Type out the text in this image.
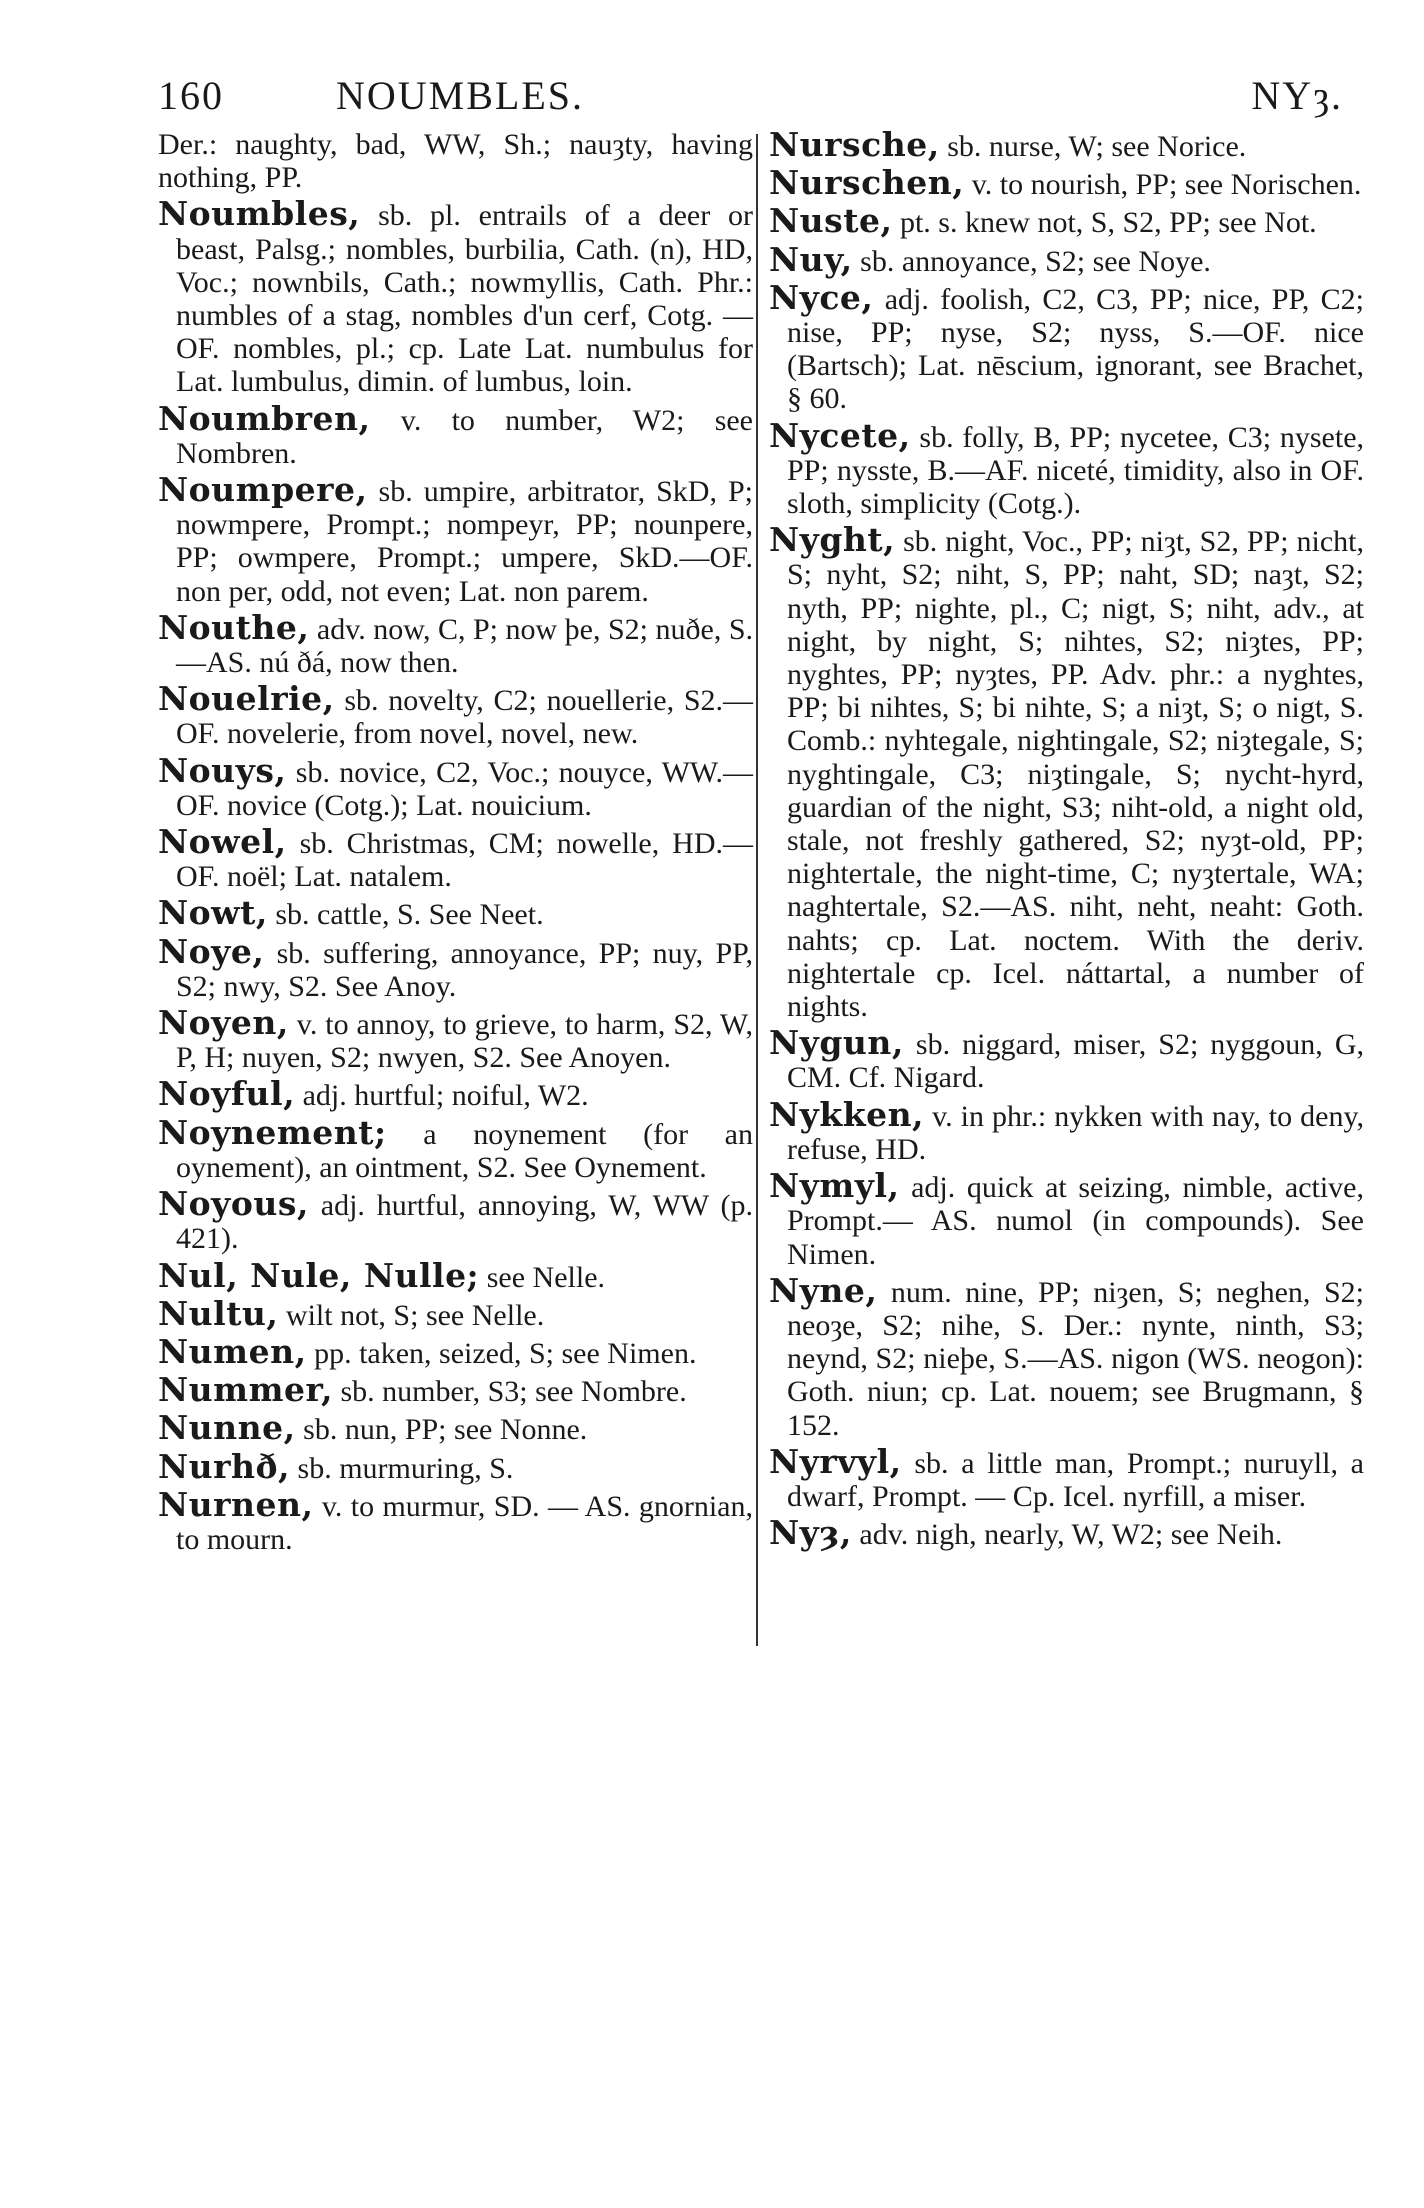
160	NOUMBLES.	NYȝ.

Der.: naughty, bad, WW, Sh.; nauȝty, having nothing, PP.

Noumbles, sb. pl. entrails of a deer or beast, Palsg.; nombles, burbilia, Cath. (n), HD, Voc.; nownbils, Cath.; nowmyllis, Cath. Phr.: numbles of a stag, nombles d'un cerf, Cotg. — OF. nombles, pl.; cp. Late Lat. numbulus for Lat. lumbulus, dimin. of lumbus, loin.

Noumbren, v. to number, W2; see Nombren.

Noumpere, sb. umpire, arbitrator, SkD, P; nowmpere, Prompt.; nompeyr, PP; nounpere, PP; owmpere, Prompt.; umpere, SkD.—OF. non per, odd, not even; Lat. non parem.

Nouthe, adv. now, C, P; now þe, S2; nuðe, S.—AS. nú ðá, now then.

Nouelrie, sb. novelty, C2; nouellerie, S2.—OF. novelerie, from novel, novel, new.

Nouys, sb. novice, C2, Voc.; nouyce, WW.—OF. novice (Cotg.); Lat. nouicium.

Nowel, sb. Christmas, CM; nowelle, HD.—OF. noël; Lat. natalem.

Nowt, sb. cattle, S. See Neet.

Noye, sb. suffering, annoyance, PP; nuy, PP, S2; nwy, S2. See Anoy.

Noyen, v. to annoy, to grieve, to harm, S2, W, P, H; nuyen, S2; nwyen, S2. See Anoyen.

Noyful, adj. hurtful; noiful, W2.

Noynement; a noynement (for an oynement), an ointment, S2. See Oynement.

Noyous, adj. hurtful, annoying, W, WW (p. 421).

Nul, Nule, Nulle; see Nelle.

Nultu, wilt not, S; see Nelle.

Numen, pp. taken, seized, S; see Nimen.

Nummer, sb. number, S3; see Nombre.

Nunne, sb. nun, PP; see Nonne.

Nurhð, sb. murmuring, S.

Nurnen, v. to murmur, SD. — AS. gnornian, to mourn.

Nursche, sb. nurse, W; see Norice.

Nurschen, v. to nourish, PP; see Norischen.

Nuste, pt. s. knew not, S, S2, PP; see Not.

Nuy, sb. annoyance, S2; see Noye.

Nyce, adj. foolish, C2, C3, PP; nice, PP, C2; nise, PP; nyse, S2; nyss, S.—OF. nice (Bartsch); Lat. nēscium, ignorant, see Brachet, § 60.

Nycete, sb. folly, B, PP; nycetee, C3; nysete, PP; nysste, B.—AF. niceté, timidity, also in OF. sloth, simplicity (Cotg.).

Nyght, sb. night, Voc., PP; niȝt, S2, PP; nicht, S; nyht, S2; niht, S, PP; naht, SD; naȝt, S2; nyth, PP; nighte, pl., C; nigt, S; niht, adv., at night, by night, S; nihtes, S2; niȝtes, PP; nyghtes, PP; nyȝtes, PP. Adv. phr.: a nyghtes, PP; bi nihtes, S; bi nihte, S; a niȝt, S; o nigt, S. Comb.: nyhtegale, nightingale, S2; niȝtegale, S; nyghtingale, C3; niȝtingale, S; nycht-hyrd, guardian of the night, S3; niht-old, a night old, stale, not freshly gathered, S2; nyȝt-old, PP; nightertale, the night-time, C; nyȝtertale, WA; naghtertale, S2.—AS. niht, neht, neaht: Goth. nahts; cp. Lat. noctem. With the deriv. nightertale cp. Icel. náttartal, a number of nights.

Nygun, sb. niggard, miser, S2; nyggoun, G, CM. Cf. Nigard.

Nykken, v. in phr.: nykken with nay, to deny, refuse, HD.

Nymyl, adj. quick at seizing, nimble, active, Prompt.— AS. numol (in compounds). See Nimen.

Nyne, num. nine, PP; niȝen, S; neghen, S2; neoȝe, S2; nihe, S. Der.: nynte, ninth, S3; neynd, S2; nieþe, S.—AS. nigon (WS. neogon): Goth. niun; cp. Lat. nouem; see Brugmann, § 152.

Nyrvyl, sb. a little man, Prompt.; nuruyll, a dwarf, Prompt. — Cp. Icel. nyrfill, a miser.

Nyȝ, adv. nigh, nearly, W, W2; see Neih.
